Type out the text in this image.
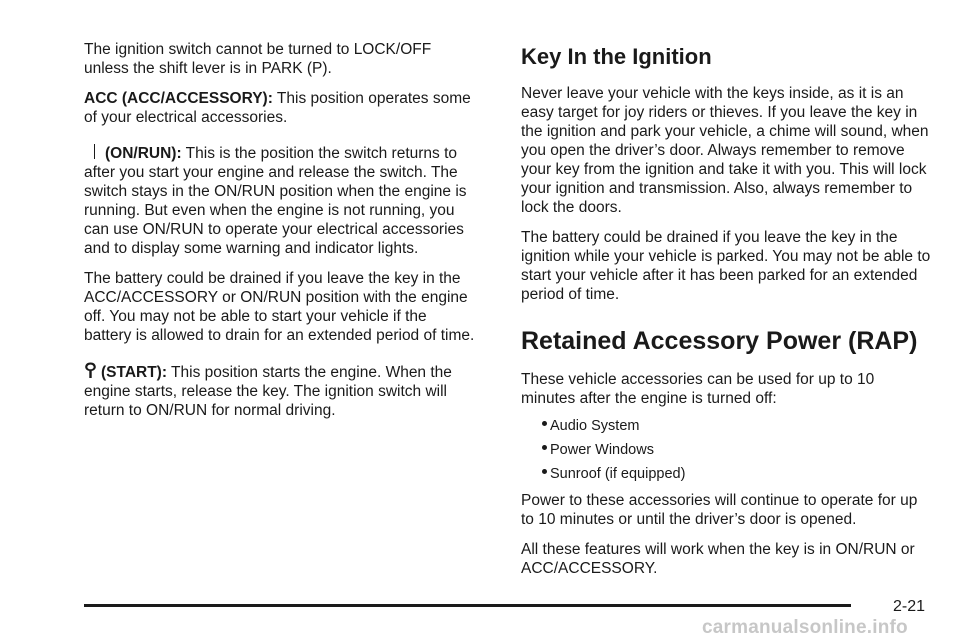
The ignition switch cannot be turned to LOCK/OFF unless the shift lever is in PARK (P).

ACC (ACC/ACCESSORY): This position operates some of your electrical accessories.

(ON/RUN): This is the position the switch returns to after you start your engine and release the switch. The switch stays in the ON/RUN position when the engine is running. But even when the engine is not running, you can use ON/RUN to operate your electrical accessories and to display some warning and indicator lights.

The battery could be drained if you leave the key in the ACC/ACCESSORY or ON/RUN position with the engine off. You may not be able to start your vehicle if the battery is allowed to drain for an extended period of time.

(START): This position starts the engine. When the engine starts, release the key. The ignition switch will return to ON/RUN for normal driving.

Key In the Ignition

Never leave your vehicle with the keys inside, as it is an easy target for joy riders or thieves. If you leave the key in the ignition and park your vehicle, a chime will sound, when you open the driver’s door. Always remember to remove your key from the ignition and take it with you. This will lock your ignition and transmission. Also, always remember to lock the doors.

The battery could be drained if you leave the key in the ignition while your vehicle is parked. You may not be able to start your vehicle after it has been parked for an extended period of time.

Retained Accessory Power (RAP)

These vehicle accessories can be used for up to 10 minutes after the engine is turned off:

Audio System
Power Windows
Sunroof (if equipped)

Power to these accessories will continue to operate for up to 10 minutes or until the driver’s door is opened.

All these features will work when the key is in ON/RUN or ACC/ACCESSORY.

2-21
carmanualsonline.info
